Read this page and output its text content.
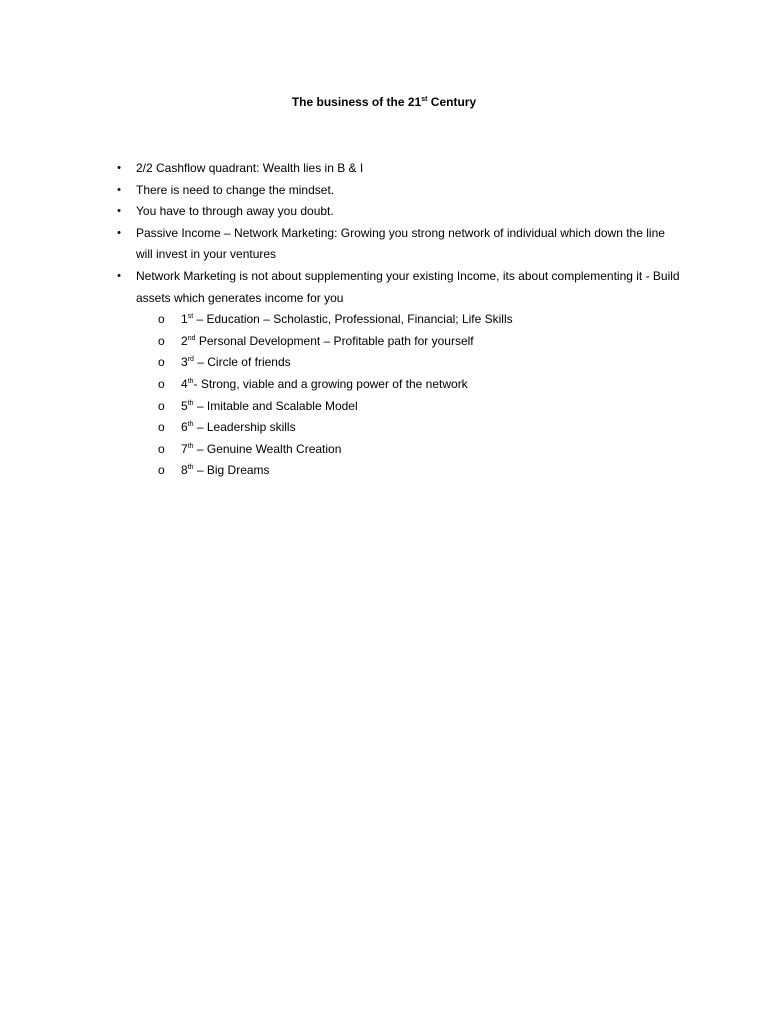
The business of the 21st Century
• 2/2 Cashflow quadrant: Wealth lies in B & I
• There is need to change the mindset.
• You have to through away you doubt.
• Passive Income – Network Marketing: Growing you strong network of individual which down the line will invest in your ventures
• Network Marketing is not about supplementing your existing Income, its about complementing it - Build assets which generates income for you
o 1st – Education – Scholastic, Professional, Financial; Life Skills
o 2nd Personal Development – Profitable path for yourself
o 3rd – Circle of friends
o 4th- Strong, viable and a growing power of the network
o 5th – Imitable and Scalable Model
o 6th – Leadership skills
o 7th – Genuine Wealth Creation
o 8th – Big Dreams
